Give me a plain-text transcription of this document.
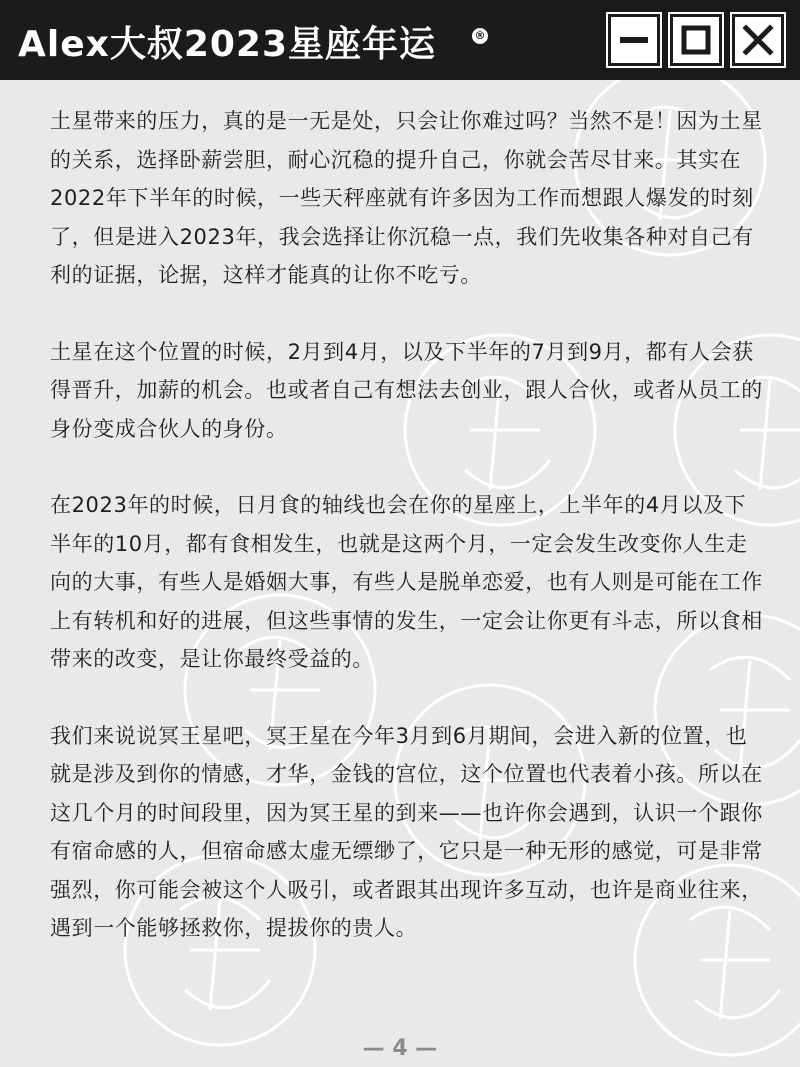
Alex大叔2023星座年运	®

土星带来的压力，真的是一无是处，只会让你难过吗？当然不是！因为土星的关系，选择卧薪尝胆，耐心沉稳的提升自己，你就会苦尽甘来。其实在2022年下半年的时候，一些天秤座就有许多因为工作而想跟人爆发的时刻了，但是进入2023年，我会选择让你沉稳一点，我们先收集各种对自己有利的证据，论据，这样才能真的让你不吃亏。

土星在这个位置的时候，2月到4月，以及下半年的7月到9月，都有人会获得晋升，加薪的机会。也或者自己有想法去创业，跟人合伙，或者从员工的身份变成合伙人的身份。

在2023年的时候，日月食的轴线也会在你的星座上，上半年的4月以及下半年的10月，都有食相发生，也就是这两个月，一定会发生改变你人生走向的大事，有些人是婚姻大事，有些人是脱单恋爱，也有人则是可能在工作上有转机和好的进展，但这些事情的发生，一定会让你更有斗志，所以食相带来的改变，是让你最终受益的。

我们来说说冥王星吧，冥王星在今年3月到6月期间，会进入新的位置，也就是涉及到你的情感，才华，金钱的宫位，这个位置也代表着小孩。所以在这几个月的时间段里，因为冥王星的到来——也许你会遇到，认识一个跟你有宿命感的人，但宿命感太虚无缥缈了，它只是一种无形的感觉，可是非常强烈，你可能会被这个人吸引，或者跟其出现许多互动，也许是商业往来，遇到一个能够拯救你，提拔你的贵人。

— 4 —
